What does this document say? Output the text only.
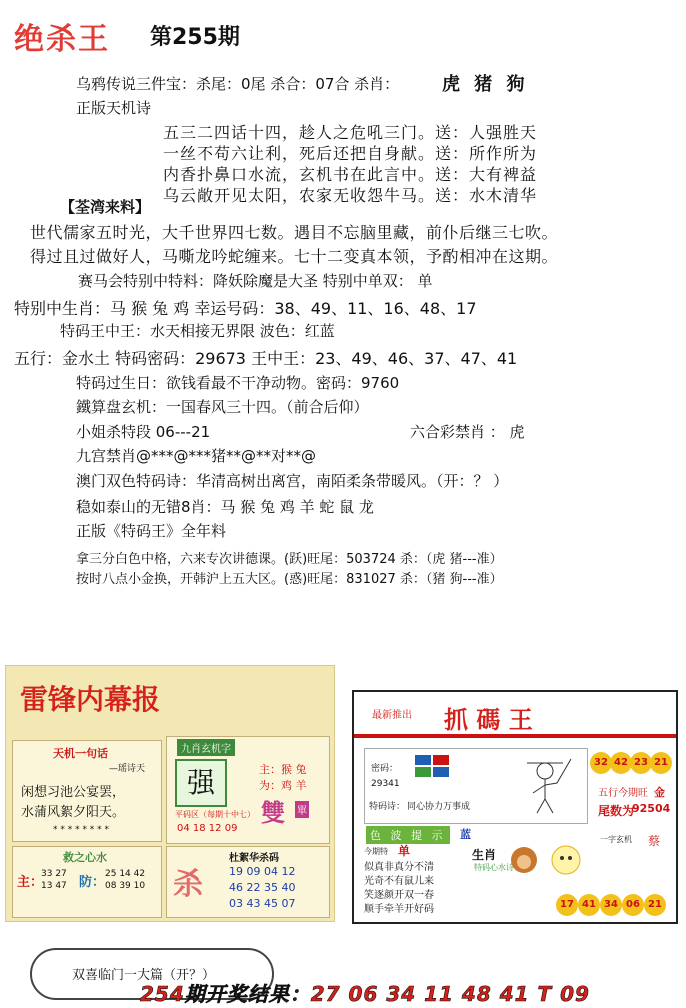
绝杀王 第255期
乌鸦传说三件宝：杀尾：0尾 杀合：07合 杀肖： 虎 猪 狗
正版天机诗
五三二四话十四，趁人之危吼三门。送：人强胜天
一丝不苟六让利，死后还把自身献。送：所作所为
内香扑鼻口水流，玄机书在此言中。送：大有裨益
乌云敞开见太阳，农家无收怨牛马。送：水木清华
【荃湾来料】
世代儒家五时光，大千世界四七数。遇目不忘脑里藏，前仆后继三七吹。
得过且过做好人，马嘶龙吟蛇缠来。七十二变真本领，予酌相冲在这期。
赛马会特别中特料：降妖除魔是大圣 特别中单双： 单
特别中生肖：马 猴 兔 鸡 幸运号码：38、49、11、16、48、17
特码王中王：水天相接无界限 波色：红蓝
五行：金水土 特码密码：29673 王中王：23、49、46、37、47、41
特码过生日：欲钱看最不干净动物。密码：9760
鐵算盘玄机：一国春风三十四。（前合后仰）
小姐杀特段 06---21	六合彩禁肖 ： 虎
九宫禁肖@***@***猪**@**对**@
澳门双色特码诗：华清高树出离宫，南陌柔条带暖风。（开：？ ）
稳如泰山的无错8肖：马 猴 兔 鸡 羊 蛇 鼠 龙
正版《特码王》全年料
拿三分白色中格，六来专次讲德课。(跃)旺尾：503724 杀：（虎 猪---准）
按时八点小金换，开韩沪上五大区。(惑)旺尾：831027 杀：（猪 狗---准）
雷锋内幕报
天机一句话
—瑶诗天
闲想习池公宴罢，
水蒲风絮夕阳天。
* * * * * * * *
九肖玄机字
强	主：猴 兔
为：鸡 羊
雙 單
平码区（每期十中七）
04 18 12 09
救之心水
主：
33 27
13 47 防：
25 14 42
08 39 10 杀
杜絮华杀码
19 09 04 12
46 22 35 40
03 43 45 07
最新推出 抓 碼 王
密码：
29341
特码诗： 同心协力万事成
32 42 23 21
五行今期旺 金
尾数为
92504
一字玄机 蔡
色 波 提 示	蓝
今期特 单	生肖
特码心水诗
似真非真分不清
光奇不有鼠儿来
笑逐颜开双一春
顺手牵羊开好码	17 41 34 06 21
双喜临门一大篇（开？）
254期开奖结果：27 06 34 11 48 41 T 09
